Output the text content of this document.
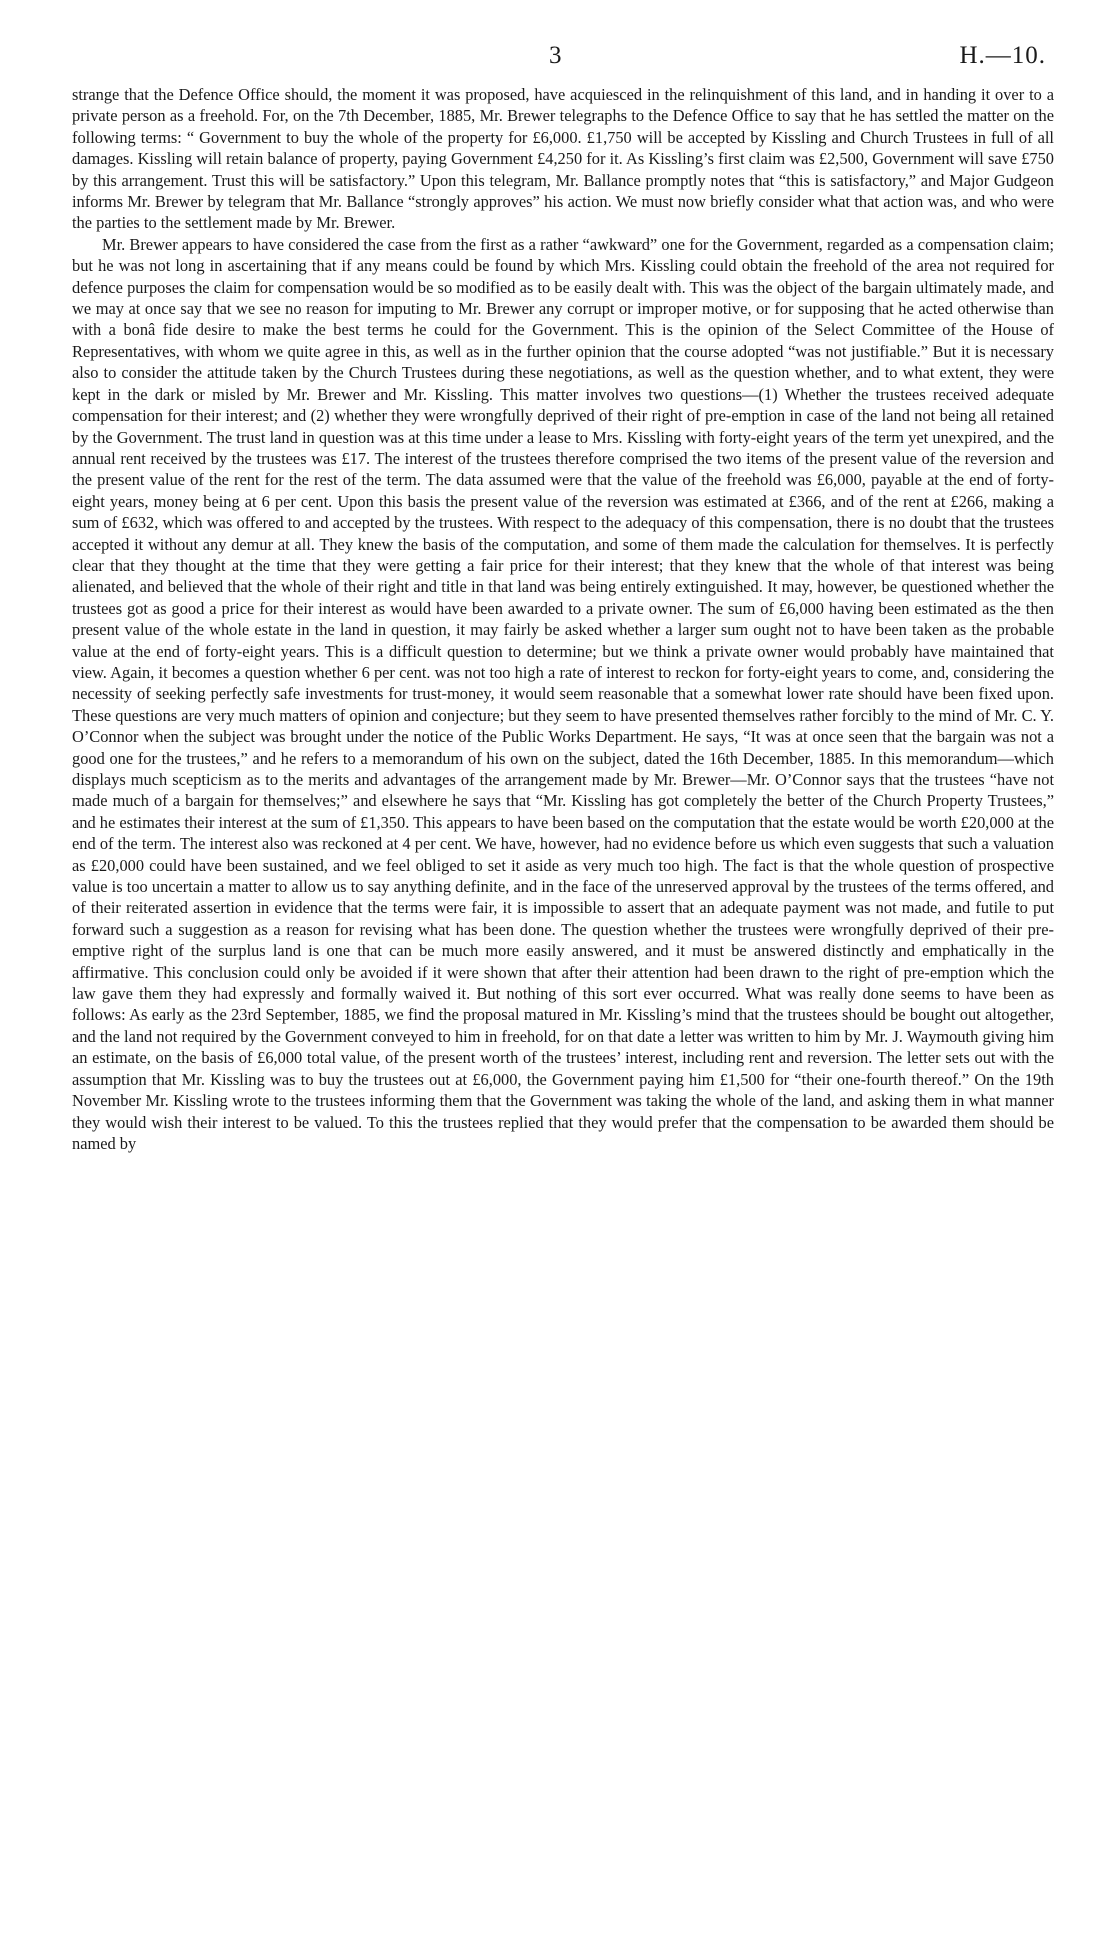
3	H.—10.

strange that the Defence Office should, the moment it was proposed, have acquiesced in the relinquishment of this land, and in handing it over to a private person as a freehold. For, on the 7th December, 1885, Mr. Brewer telegraphs to the Defence Office to say that he has settled the matter on the following terms: “ Government to buy the whole of the property for £6,000. £1,750 will be accepted by Kissling and Church Trustees in full of all damages. Kissling will retain balance of property, paying Government £4,250 for it. As Kissling’s first claim was £2,500, Government will save £750 by this arrangement. Trust this will be satisfactory.” Upon this telegram, Mr. Ballance promptly notes that “this is satisfactory,” and Major Gudgeon informs Mr. Brewer by telegram that Mr. Ballance “strongly approves” his action. We must now briefly consider what that action was, and who were the parties to the settlement made by Mr. Brewer.

Mr. Brewer appears to have considered the case from the first as a rather “awkward” one for the Government, regarded as a compensation claim; but he was not long in ascertaining that if any means could be found by which Mrs. Kissling could obtain the freehold of the area not required for defence purposes the claim for compensation would be so modified as to be easily dealt with. This was the object of the bargain ultimately made, and we may at once say that we see no reason for imputing to Mr. Brewer any corrupt or improper motive, or for supposing that he acted otherwise than with a bonâ fide desire to make the best terms he could for the Government. This is the opinion of the Select Committee of the House of Representatives, with whom we quite agree in this, as well as in the further opinion that the course adopted “was not justifiable.” But it is necessary also to consider the attitude taken by the Church Trustees during these negotiations, as well as the question whether, and to what extent, they were kept in the dark or misled by Mr. Brewer and Mr. Kissling. This matter involves two questions—(1) Whether the trustees received adequate compensation for their interest; and (2) whether they were wrongfully deprived of their right of pre-emption in case of the land not being all retained by the Government. The trust land in question was at this time under a lease to Mrs. Kissling with forty-eight years of the term yet unexpired, and the annual rent received by the trustees was £17. The interest of the trustees therefore comprised the two items of the present value of the reversion and the present value of the rent for the rest of the term. The data assumed were that the value of the freehold was £6,000, payable at the end of forty-eight years, money being at 6 per cent. Upon this basis the present value of the reversion was estimated at £366, and of the rent at £266, making a sum of £632, which was offered to and accepted by the trustees. With respect to the adequacy of this compensation, there is no doubt that the trustees accepted it without any demur at all. They knew the basis of the computation, and some of them made the calculation for themselves. It is perfectly clear that they thought at the time that they were getting a fair price for their interest; that they knew that the whole of that interest was being alienated, and believed that the whole of their right and title in that land was being entirely extinguished. It may, however, be questioned whether the trustees got as good a price for their interest as would have been awarded to a private owner. The sum of £6,000 having been estimated as the then present value of the whole estate in the land in question, it may fairly be asked whether a larger sum ought not to have been taken as the probable value at the end of forty-eight years. This is a difficult question to determine; but we think a private owner would probably have maintained that view. Again, it becomes a question whether 6 per cent. was not too high a rate of interest to reckon for forty-eight years to come, and, considering the necessity of seeking perfectly safe investments for trust-money, it would seem reasonable that a somewhat lower rate should have been fixed upon. These questions are very much matters of opinion and conjecture; but they seem to have presented themselves rather forcibly to the mind of Mr. C. Y. O’Connor when the subject was brought under the notice of the Public Works Department. He says, “It was at once seen that the bargain was not a good one for the trustees,” and he refers to a memorandum of his own on the subject, dated the 16th December, 1885. In this memorandum—which displays much scepticism as to the merits and advantages of the arrangement made by Mr. Brewer—Mr. O’Connor says that the trustees “have not made much of a bargain for themselves;” and elsewhere he says that “Mr. Kissling has got completely the better of the Church Property Trustees,” and he estimates their interest at the sum of £1,350. This appears to have been based on the computation that the estate would be worth £20,000 at the end of the term. The interest also was reckoned at 4 per cent. We have, however, had no evidence before us which even suggests that such a valuation as £20,000 could have been sustained, and we feel obliged to set it aside as very much too high. The fact is that the whole question of prospective value is too uncertain a matter to allow us to say anything definite, and in the face of the unreserved approval by the trustees of the terms offered, and of their reiterated assertion in evidence that the terms were fair, it is impossible to assert that an adequate payment was not made, and futile to put forward such a suggestion as a reason for revising what has been done. The question whether the trustees were wrongfully deprived of their pre-emptive right of the surplus land is one that can be much more easily answered, and it must be answered distinctly and emphatically in the affirmative. This conclusion could only be avoided if it were shown that after their attention had been drawn to the right of pre-emption which the law gave them they had expressly and formally waived it. But nothing of this sort ever occurred. What was really done seems to have been as follows: As early as the 23rd September, 1885, we find the proposal matured in Mr. Kissling’s mind that the trustees should be bought out altogether, and the land not required by the Government conveyed to him in freehold, for on that date a letter was written to him by Mr. J. Waymouth giving him an estimate, on the basis of £6,000 total value, of the present worth of the trustees’ interest, including rent and reversion. The letter sets out with the assumption that Mr. Kissling was to buy the trustees out at £6,000, the Government paying him £1,500 for “their one-fourth thereof.” On the 19th November Mr. Kissling wrote to the trustees informing them that the Government was taking the whole of the land, and asking them in what manner they would wish their interest to be valued. To this the trustees replied that they would prefer that the compensation to be awarded them should be named by
